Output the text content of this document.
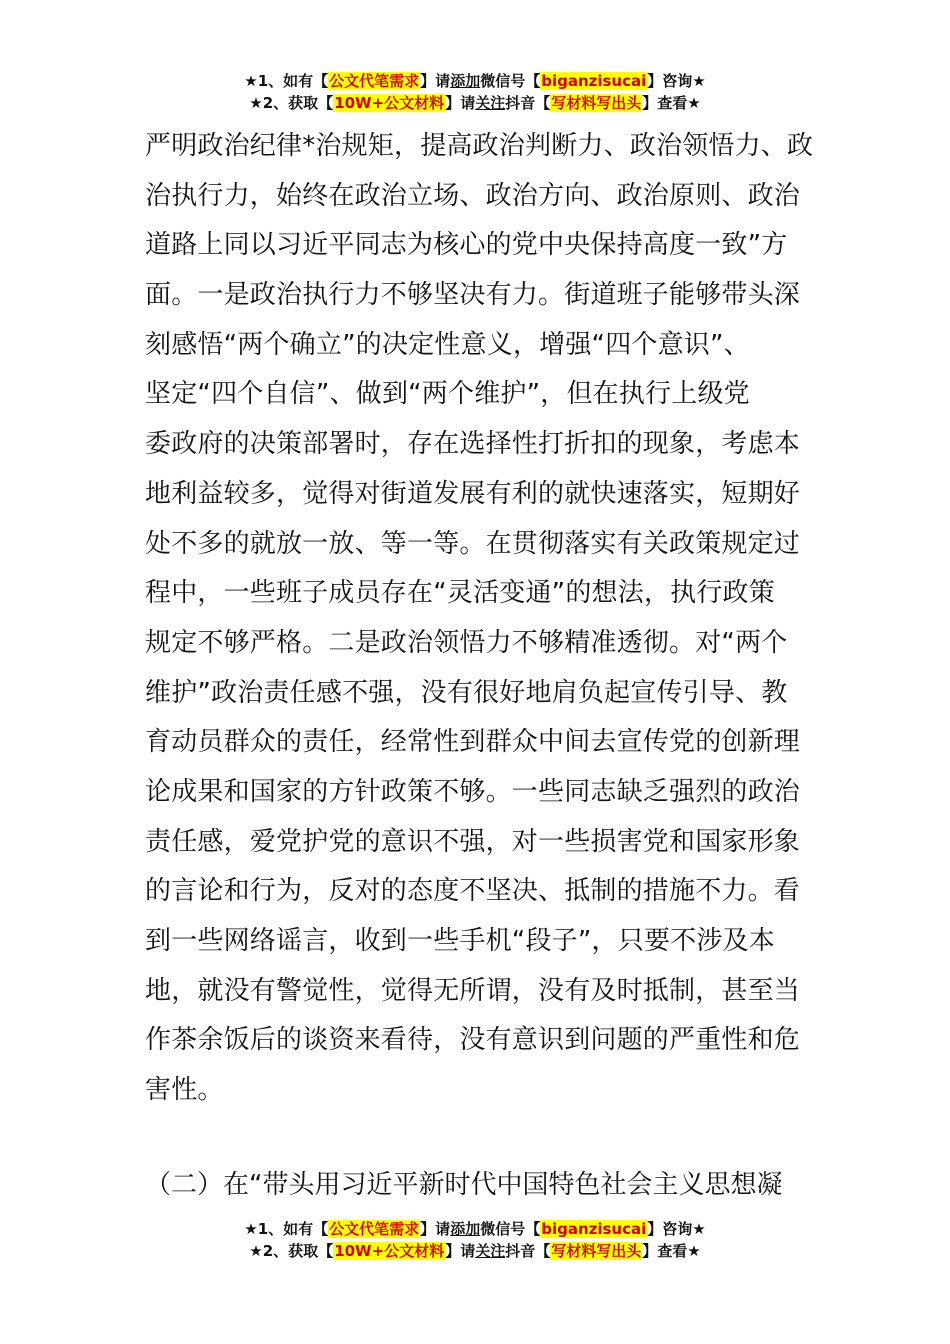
★1、如有【公文代笔需求】请添加微信号【biganzisucai】咨询★
★2、获取【10W+公文材料】请关注抖音【写材料写出头】查看★
严明政治纪律*治规矩，提高政治判断力、政治领悟力、政
治执行力，始终在政治立场、政治方向、政治原则、政治
道路上同以习近平同志为核心的党中央保持高度一致”方
面。一是政治执行力不够坚决有力。街道班子能够带头深
刻感悟“两个确立”的决定性意义，增强“四个意识”、
坚定“四个自信”、做到“两个维护”，但在执行上级党
委政府的决策部署时，存在选择性打折扣的现象，考虑本
地利益较多，觉得对街道发展有利的就快速落实，短期好
处不多的就放一放、等一等。在贯彻落实有关政策规定过
程中，一些班子成员存在“灵活变通”的想法，执行政策
规定不够严格。二是政治领悟力不够精准透彻。对“两个
维护”政治责任感不强，没有很好地肩负起宣传引导、教
育动员群众的责任，经常性到群众中间去宣传党的创新理
论成果和国家的方针政策不够。一些同志缺乏强烈的政治
责任感，爱党护党的意识不强，对一些损害党和国家形象
的言论和行为，反对的态度不坚决、抵制的措施不力。看
到一些网络谣言，收到一些手机“段子”，只要不涉及本
地，就没有警觉性，觉得无所谓，没有及时抵制，甚至当
作茶余饭后的谈资来看待，没有意识到问题的严重性和危
害性。
（二）在“带头用习近平新时代中国特色社会主义思想凝
★1、如有【公文代笔需求】请添加微信号【biganzisucai】咨询★
★2、获取【10W+公文材料】请关注抖音【写材料写出头】查看★
